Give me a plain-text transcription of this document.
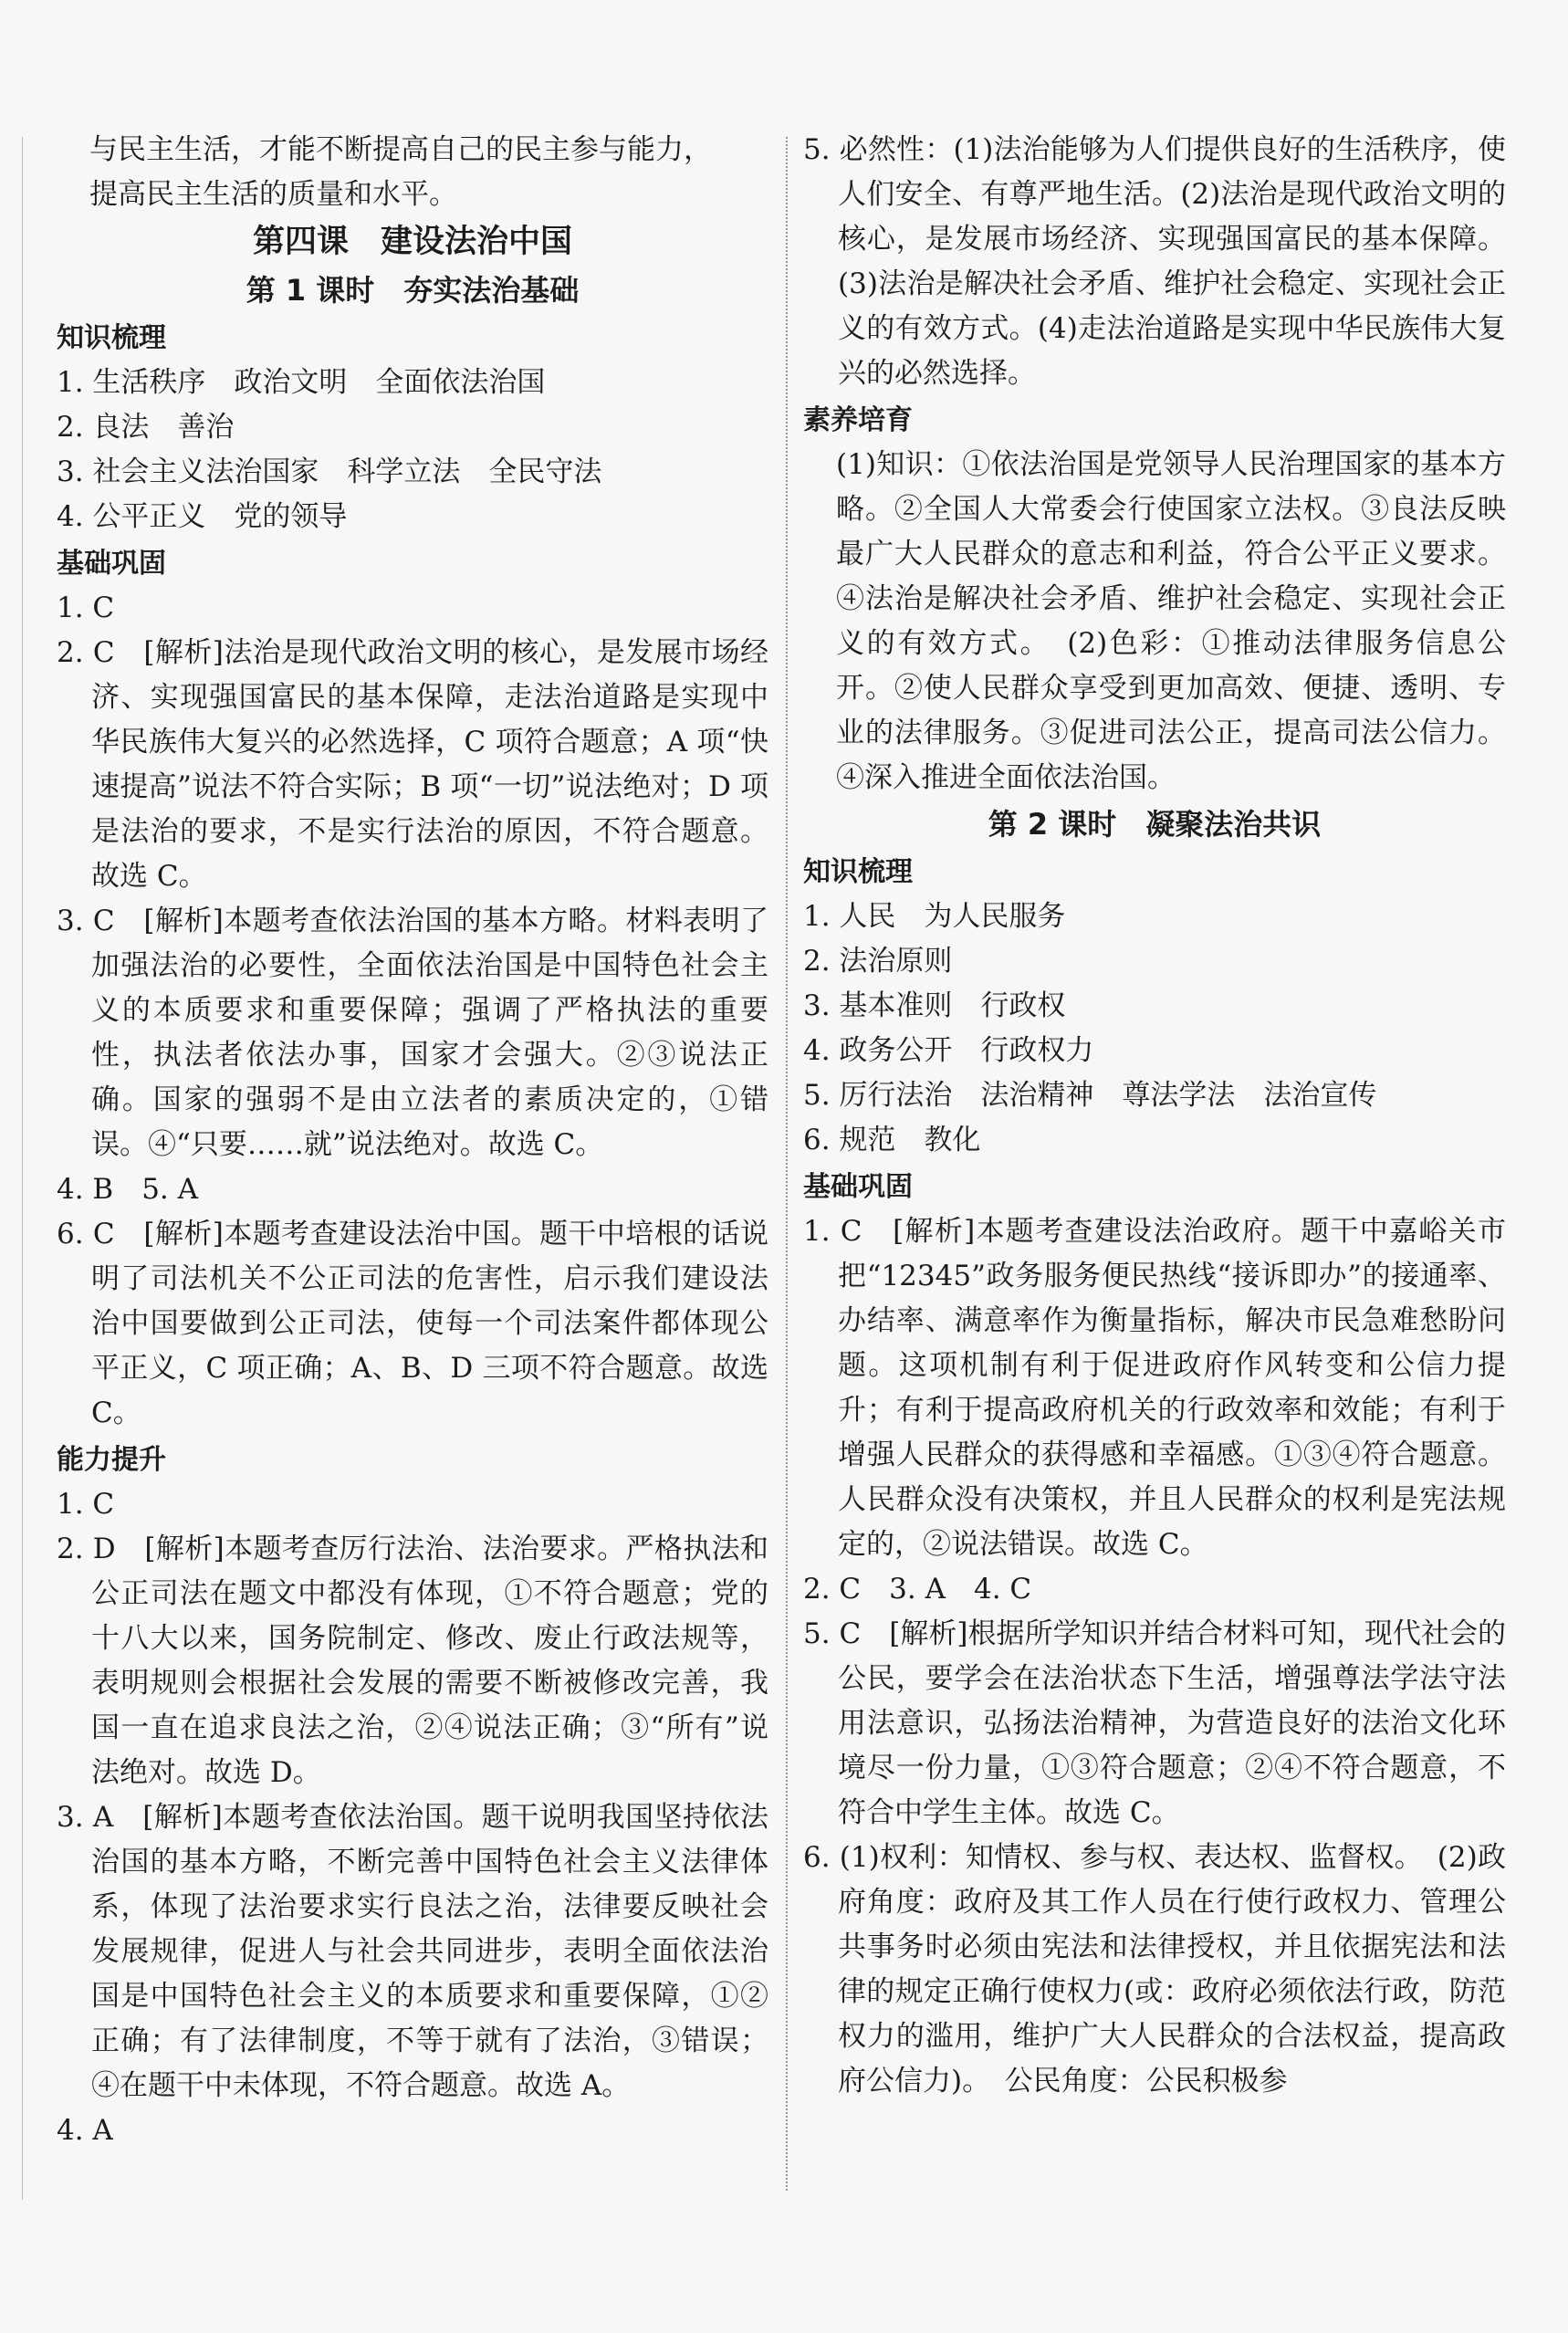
与民主生活，才能不断提高自己的民主参与能力，
提高民主生活的质量和水平。
第四课　建设法治中国
第 1 课时　夯实法治基础
知识梳理
1. 生活秩序　政治文明　全面依法治国
2. 良法　善治
3. 社会主义法治国家　科学立法　全民守法
4. 公平正义　党的领导
基础巩固
1. C
2. C　[解析]法治是现代政治文明的核心，是发展市场经济、实现强国富民的基本保障，走法治道路是实现中华民族伟大复兴的必然选择，C 项符合题意；A 项“快速提高”说法不符合实际；B 项“一切”说法绝对；D 项是法治的要求，不是实行法治的原因，不符合题意。故选 C。
3. C　[解析]本题考查依法治国的基本方略。材料表明了加强法治的必要性，全面依法治国是中国特色社会主义的本质要求和重要保障；强调了严格执法的重要性，执法者依法办事，国家才会强大。②③说法正确。国家的强弱不是由立法者的素质决定的，①错误。④“只要……就”说法绝对。故选 C。
4. B　5. A
6. C　[解析]本题考查建设法治中国。题干中培根的话说明了司法机关不公正司法的危害性，启示我们建设法治中国要做到公正司法，使每一个司法案件都体现公平正义，C 项正确；A、B、D 三项不符合题意。故选 C。
能力提升
1. C
2. D　[解析]本题考查厉行法治、法治要求。严格执法和公正司法在题文中都没有体现，①不符合题意；党的十八大以来，国务院制定、修改、废止行政法规等，表明规则会根据社会发展的需要不断被修改完善，我国一直在追求良法之治，②④说法正确；③“所有”说法绝对。故选 D。
3. A　[解析]本题考查依法治国。题干说明我国坚持依法治国的基本方略，不断完善中国特色社会主义法律体系，体现了法治要求实行良法之治，法律要反映社会发展规律，促进人与社会共同进步，表明全面依法治国是中国特色社会主义的本质要求和重要保障，①②正确；有了法律制度，不等于就有了法治，③错误；④在题干中未体现，不符合题意。故选 A。
4. A
5. 必然性：(1)法治能够为人们提供良好的生活秩序，使人们安全、有尊严地生活。(2)法治是现代政治文明的核心，是发展市场经济、实现强国富民的基本保障。(3)法治是解决社会矛盾、维护社会稳定、实现社会正义的有效方式。(4)走法治道路是实现中华民族伟大复兴的必然选择。
素养培育
(1)知识：①依法治国是党领导人民治理国家的基本方略。②全国人大常委会行使国家立法权。③良法反映最广大人民群众的意志和利益，符合公平正义要求。④法治是解决社会矛盾、维护社会稳定、实现社会正义的有效方式。　(2)色彩：①推动法律服务信息公开。②使人民群众享受到更加高效、便捷、透明、专业的法律服务。③促进司法公正，提高司法公信力。④深入推进全面依法治国。
第 2 课时　凝聚法治共识
知识梳理
1. 人民　为人民服务
2. 法治原则
3. 基本准则　行政权
4. 政务公开　行政权力
5. 厉行法治　法治精神　尊法学法　法治宣传
6. 规范　教化
基础巩固
1. C　[解析]本题考查建设法治政府。题干中嘉峪关市把“12345”政务服务便民热线“接诉即办”的接通率、办结率、满意率作为衡量指标，解决市民急难愁盼问题。这项机制有利于促进政府作风转变和公信力提升；有利于提高政府机关的行政效率和效能；有利于增强人民群众的获得感和幸福感。①③④符合题意。人民群众没有决策权，并且人民群众的权利是宪法规定的，②说法错误。故选 C。
2. C　3. A　4. C
5. C　[解析]根据所学知识并结合材料可知，现代社会的公民，要学会在法治状态下生活，增强尊法学法守法用法意识，弘扬法治精神，为营造良好的法治文化环境尽一份力量，①③符合题意；②④不符合题意，不符合中学生主体。故选 C。
6. (1)权利：知情权、参与权、表达权、监督权。　(2)政府角度：政府及其工作人员在行使行政权力、管理公共事务时必须由宪法和法律授权，并且依据宪法和法律的规定正确行使权力(或：政府必须依法行政，防范权力的滥用，维护广大人民群众的合法权益，提高政府公信力)。　公民角度：公民积极参
